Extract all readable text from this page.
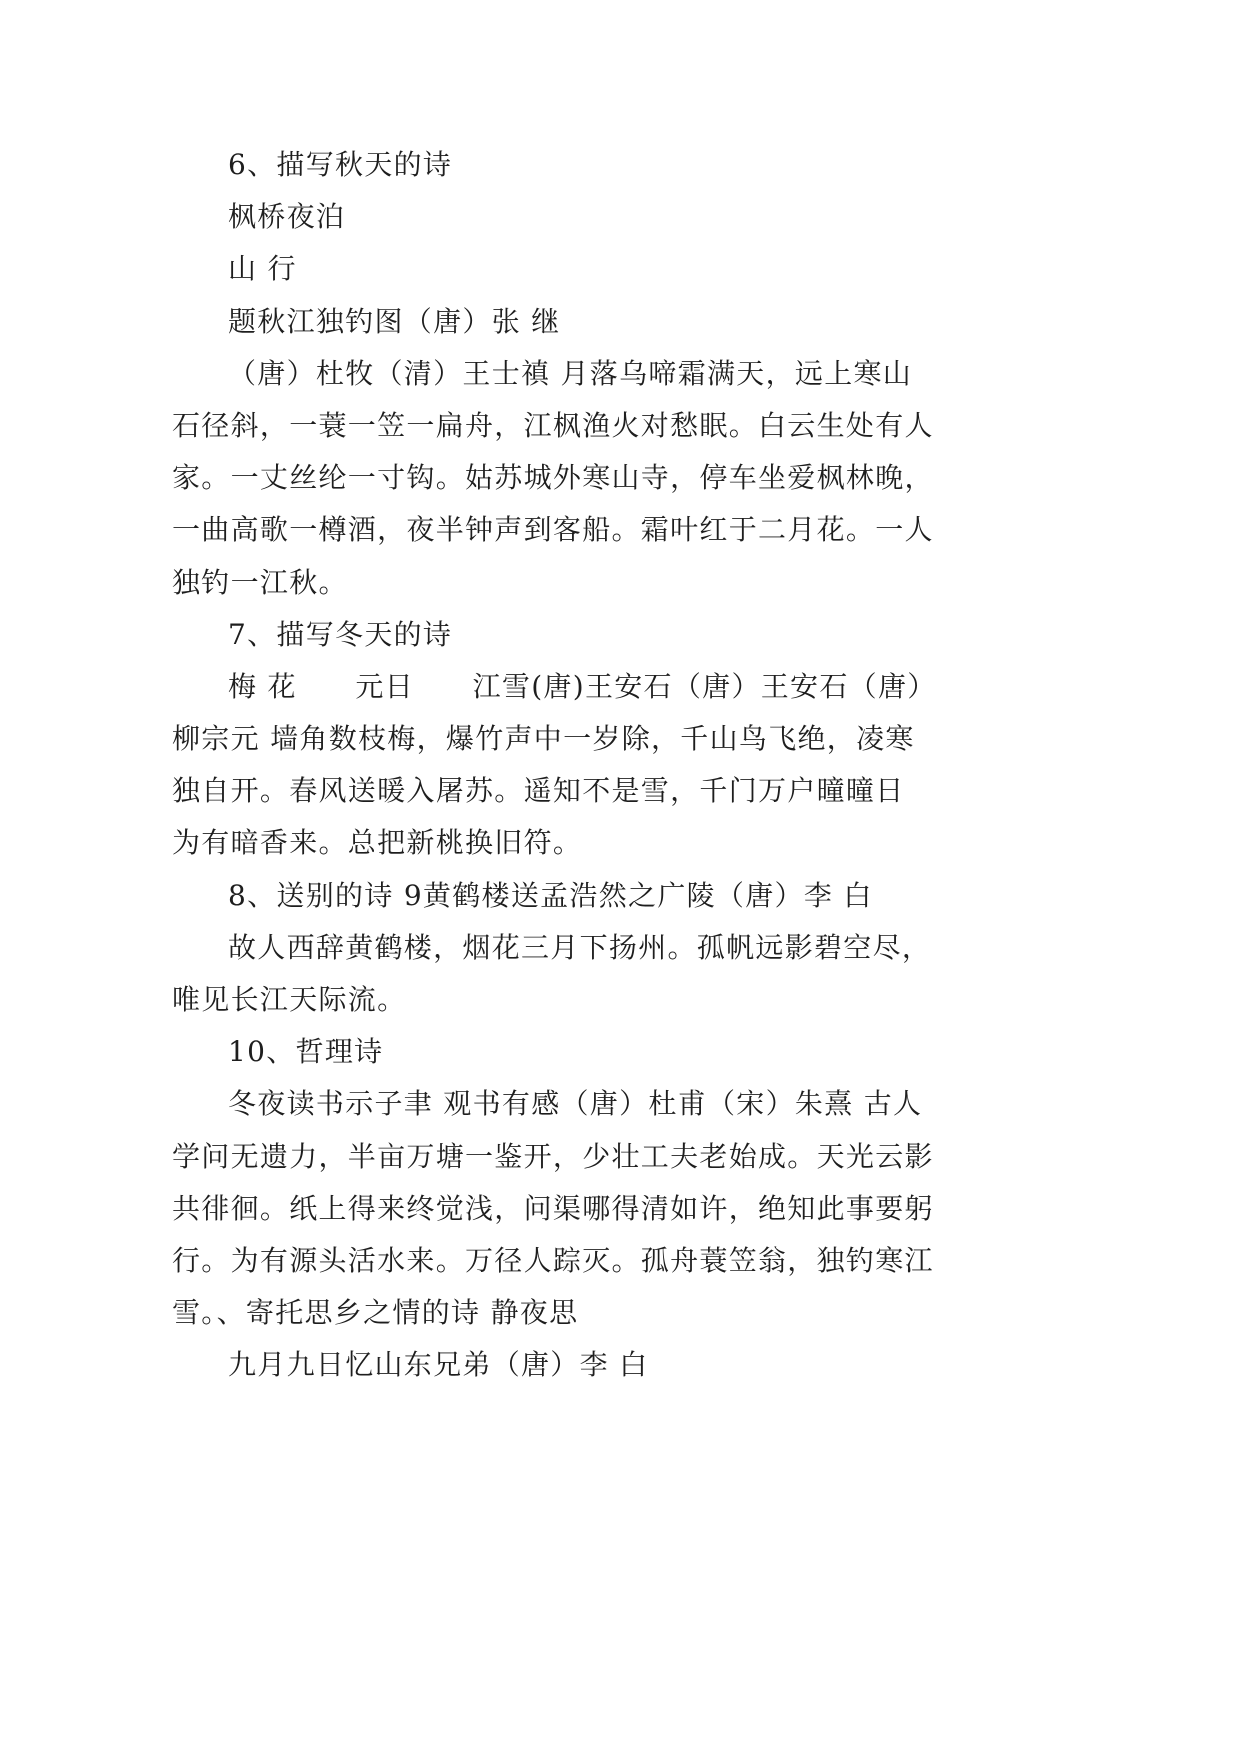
6、描写秋天的诗
枫桥夜泊
山 行
题秋江独钓图（唐）张 继
（唐）杜牧（清）王士禛 月落乌啼霜满天，远上寒山
石径斜，一蓑一笠一扁舟，江枫渔火对愁眠。白云生处有人
家。一丈丝纶一寸钩。姑苏城外寒山寺，停车坐爱枫林晚，
一曲高歌一樽酒，夜半钟声到客船。霜叶红于二月花。一人
独钓一江秋。
7、描写冬天的诗
梅 花　　元日　　江雪(唐)王安石（唐）王安石（唐）
柳宗元 墙角数枝梅，爆竹声中一岁除，千山鸟飞绝，凌寒
独自开。春风送暖入屠苏。遥知不是雪，千门万户曈曈日
为有暗香来。总把新桃换旧符。
8、送别的诗 9黄鹤楼送孟浩然之广陵（唐）李 白
故人西辞黄鹤楼，烟花三月下扬州。孤帆远影碧空尽，
唯见长江天际流。
10、哲理诗
冬夜读书示子聿 观书有感（唐）杜甫（宋）朱熹 古人
学问无遗力，半亩万塘一鉴开，少壮工夫老始成。天光云影
共徘徊。纸上得来终觉浅，问渠哪得清如许，绝知此事要躬
行。为有源头活水来。万径人踪灭。孤舟蓑笠翁，独钓寒江
雪。、寄托思乡之情的诗 静夜思
九月九日忆山东兄弟（唐）李 白
